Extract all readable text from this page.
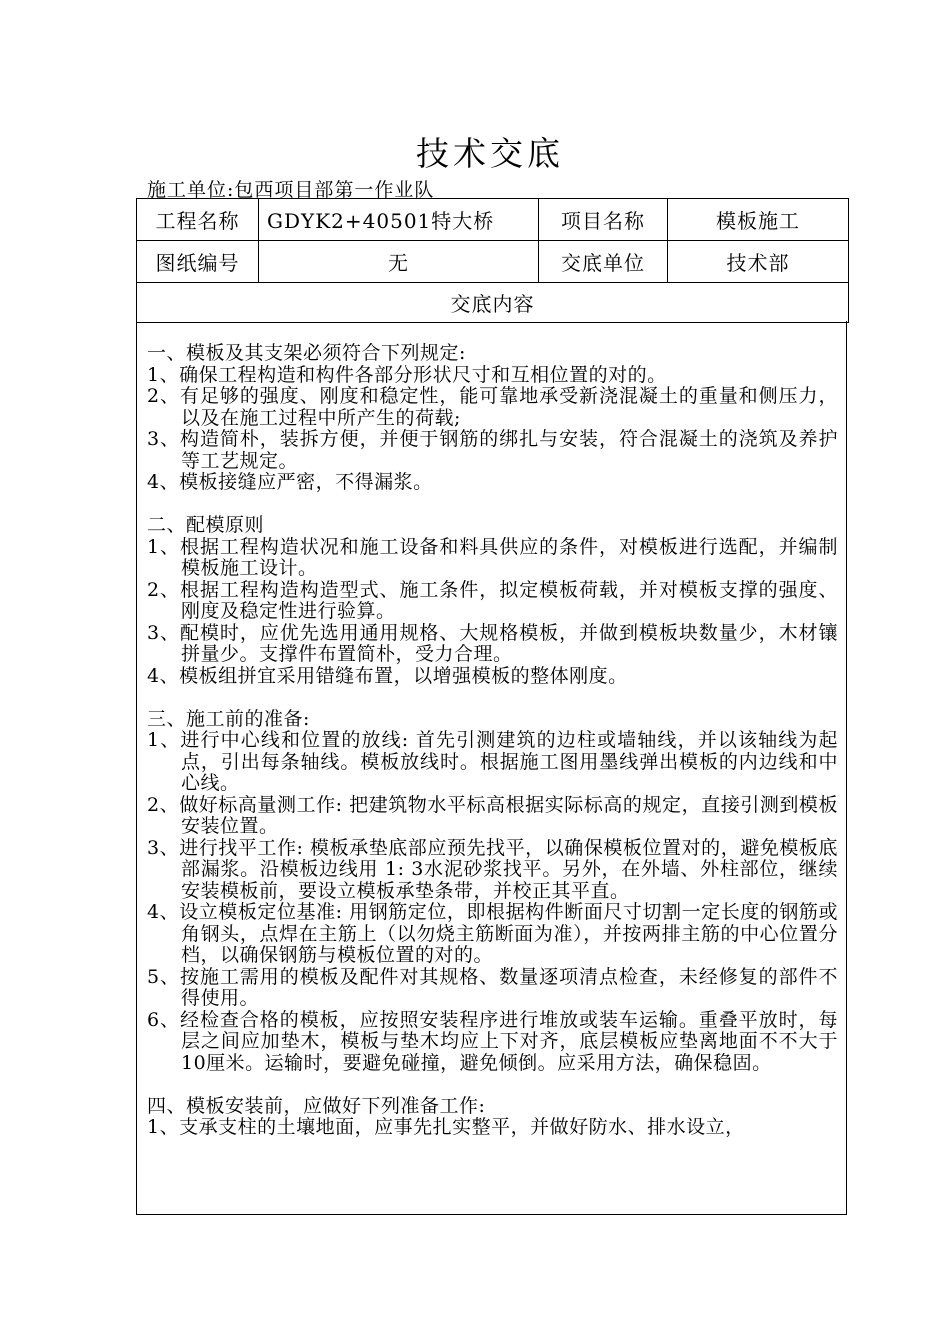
技术交底
施工单位:包西项目部第一作业队
工程名称	GDYK2+40501特大桥	项目名称	模板施工
图纸编号	无	交底单位	技术部
交底内容			
一、模板及其支架必须符合下列规定:
1、确保工程构造和构件各部分形状尺寸和互相位置的对的。
2、有足够的强度、刚度和稳定性，能可靠地承受新浇混凝土的重量和侧压力，以及在施工过程中所产生的荷载;
3、构造简朴，装拆方便，并便于钢筋的绑扎与安装，符合混凝土的浇筑及养护等工艺规定。
4、模板接缝应严密，不得漏浆。
二、配模原则
1、根据工程构造状况和施工设备和料具供应的条件，对模板进行选配，并编制模板施工设计。
2、根据工程构造构造型式、施工条件，拟定模板荷载，并对模板支撑的强度、刚度及稳定性进行验算。
3、配模时，应优先选用通用规格、大规格模板，并做到模板块数量少，木材镶拼量少。支撑件布置简朴，受力合理。
4、模板组拼宜采用错缝布置，以增强模板的整体刚度。
三、施工前的准备:
1、进行中心线和位置的放线: 首先引测建筑的边柱或墙轴线，并以该轴线为起点，引出每条轴线。模板放线时。根据施工图用墨线弹出模板的内边线和中心线。
2、做好标高量测工作: 把建筑物水平标高根据实际标高的规定，直接引测到模板安装位置。
3、进行找平工作: 模板承垫底部应预先找平，以确保模板位置对的，避免模板底部漏浆。沿模板边线用 1: 3水泥砂浆找平。另外，在外墙、外柱部位，继续安装模板前，要设立模板承垫条带，并校正其平直。
4、设立模板定位基准: 用钢筋定位，即根据构件断面尺寸切割一定长度的钢筋或角钢头，点焊在主筋上（以勿烧主筋断面为准），并按两排主筋的中心位置分档，以确保钢筋与模板位置的对的。
5、按施工需用的模板及配件对其规格、数量逐项清点检查，未经修复的部件不得使用。
6、经检查合格的模板，应按照安装程序进行堆放或装车运输。重叠平放时，每层之间应加垫木，模板与垫木均应上下对齐，底层模板应垫离地面不不大于10厘米。运输时，要避免碰撞，避免倾倒。应采用方法，确保稳固。
四、模板安装前，应做好下列准备工作:
1、支承支柱的土壤地面，应事先扎实整平，并做好防水、排水设立，
